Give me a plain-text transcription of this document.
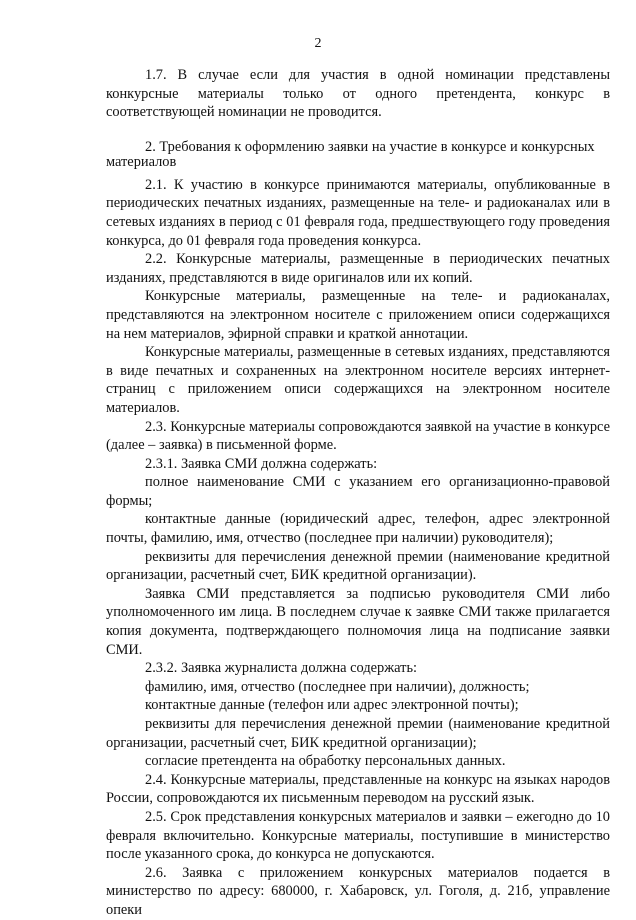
2

1.7. В случае если для участия в одной номинации представлены конкурсные материалы только от одного претендента, конкурс в соответствующей номинации не проводится.

2. Требования к оформлению заявки на участие в конкурсе и конкурсных материалов

2.1. К участию в конкурсе принимаются материалы, опубликованные в периодических печатных изданиях, размещенные на теле- и радиоканалах или в сетевых изданиях в период с 01 февраля года, предшествующего году проведения конкурса, до 01 февраля года проведения конкурса.

2.2. Конкурсные материалы, размещенные в периодических печатных изданиях, представляются в виде оригиналов или их копий.

Конкурсные материалы, размещенные на теле- и радиоканалах, представляются на электронном носителе с приложением описи содержащихся на нем материалов, эфирной справки и краткой аннотации.

Конкурсные материалы, размещенные в сетевых изданиях, представляются в виде печатных и сохраненных на электронном носителе версиях интернет-страниц с приложением описи содержащихся на электронном носителе материалов.

2.3. Конкурсные материалы сопровождаются заявкой на участие в конкурсе (далее – заявка) в письменной форме.

2.3.1. Заявка СМИ должна содержать:

полное наименование СМИ с указанием его организационно-правовой формы;

контактные данные (юридический адрес, телефон, адрес электронной почты, фамилию, имя, отчество (последнее при наличии) руководителя);

реквизиты для перечисления денежной премии (наименование кредитной организации, расчетный счет, БИК кредитной организации).

Заявка СМИ представляется за подписью руководителя СМИ либо уполномоченного им лица. В последнем случае к заявке СМИ также прилагается копия документа, подтверждающего полномочия лица на подписание заявки СМИ.

2.3.2. Заявка журналиста должна содержать:

фамилию, имя, отчество (последнее при наличии), должность;

контактные данные (телефон или адрес электронной почты);

реквизиты для перечисления денежной премии (наименование кредитной организации, расчетный счет, БИК кредитной организации);

согласие претендента на обработку персональных данных.

2.4. Конкурсные материалы, представленные на конкурс на языках народов России, сопровождаются их письменным переводом на русский язык.

2.5. Срок представления конкурсных материалов и заявки – ежегодно до 10 февраля включительно. Конкурсные материалы, поступившие в министерство после указанного срока, до конкурса не допускаются.

2.6. Заявка с приложением конкурсных материалов подается в министерство по адресу: 680000, г. Хабаровск, ул. Гоголя, д. 21б, управление опеки
